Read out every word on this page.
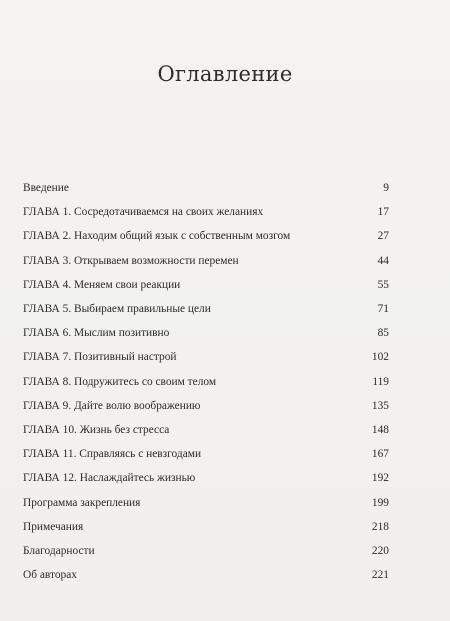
Оглавление
Введение	9
ГЛАВА 1. Сосредотачиваемся на своих желаниях	17
ГЛАВА 2. Находим общий язык с собственным мозгом	27
ГЛАВА 3. Открываем возможности перемен	44
ГЛАВА 4. Меняем свои реакции	55
ГЛАВА 5. Выбираем правильные цели	71
ГЛАВА 6. Мыслим позитивно	85
ГЛАВА 7. Позитивный настрой	102
ГЛАВА 8. Подружитесь со своим телом	119
ГЛАВА 9. Дайте волю воображению	135
ГЛАВА 10. Жизнь без стресса	148
ГЛАВА 11. Справляясь с невзгодами	167
ГЛАВА 12. Наслаждайтесь жизнью	192
Программа закрепления	199
Примечания	218
Благодарности	220
Об авторах	221
